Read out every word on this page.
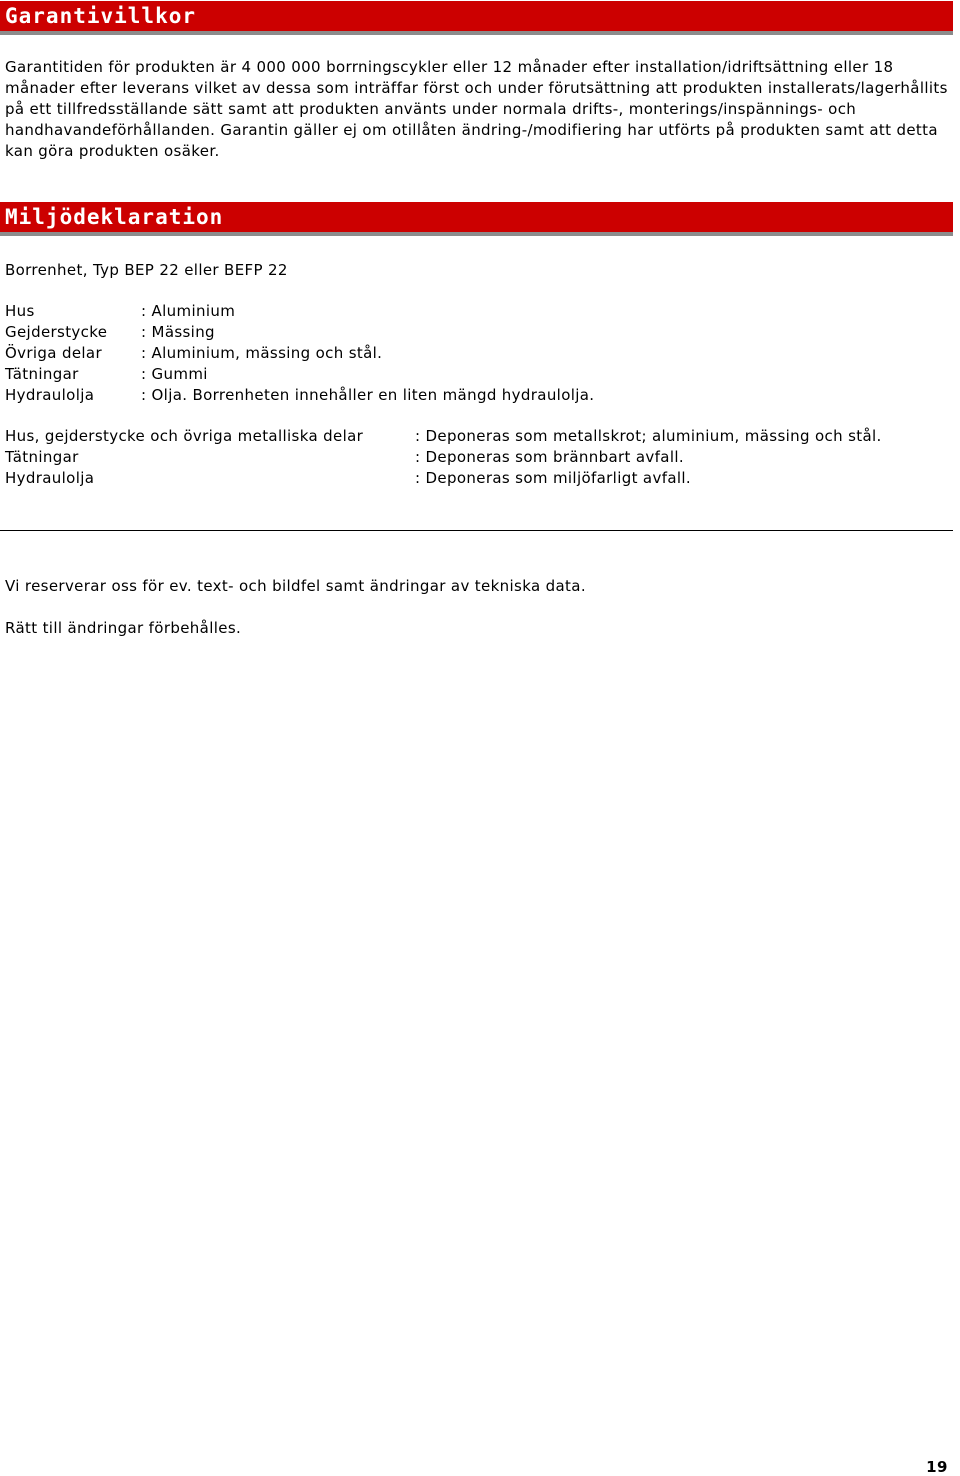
Garantivillkor

Garantitiden för produkten är 4 000 000 borrningscykler eller 12 månader efter installation/idriftsättning eller 18 månader efter leverans vilket av dessa som inträffar först och under förutsättning att produkten installerats/lagerhållits på ett tillfredsställande sätt samt att produkten använts under normala drifts-, monterings/inspännings- och handhavandeförhållanden. Garantin gäller ej om otillåten ändring-/modifiering har utförts på produkten samt att detta kan göra produkten osäker.

Miljödeklaration

Borrenhet, Typ BEP 22 eller BEFP 22

Hus	: Aluminium
Gejderstycke : Mässing
Övriga delar	: Aluminium, mässing och stål.
Tätningar	: Gummi
Hydraulolja	: Olja. Borrenheten innehåller en liten mängd hydraulolja.
Hus, gejderstycke och övriga metalliska delar	: Deponeras som metallskrot; aluminium, mässing och stål.
Tätningar	: Deponeras som brännbart avfall.
Hydraulolja	: Deponeras som miljöfarligt avfall.

Vi reserverar oss för ev. text- och bildfel samt ändringar av tekniska data.

Rätt till ändringar förbehålles.

19
